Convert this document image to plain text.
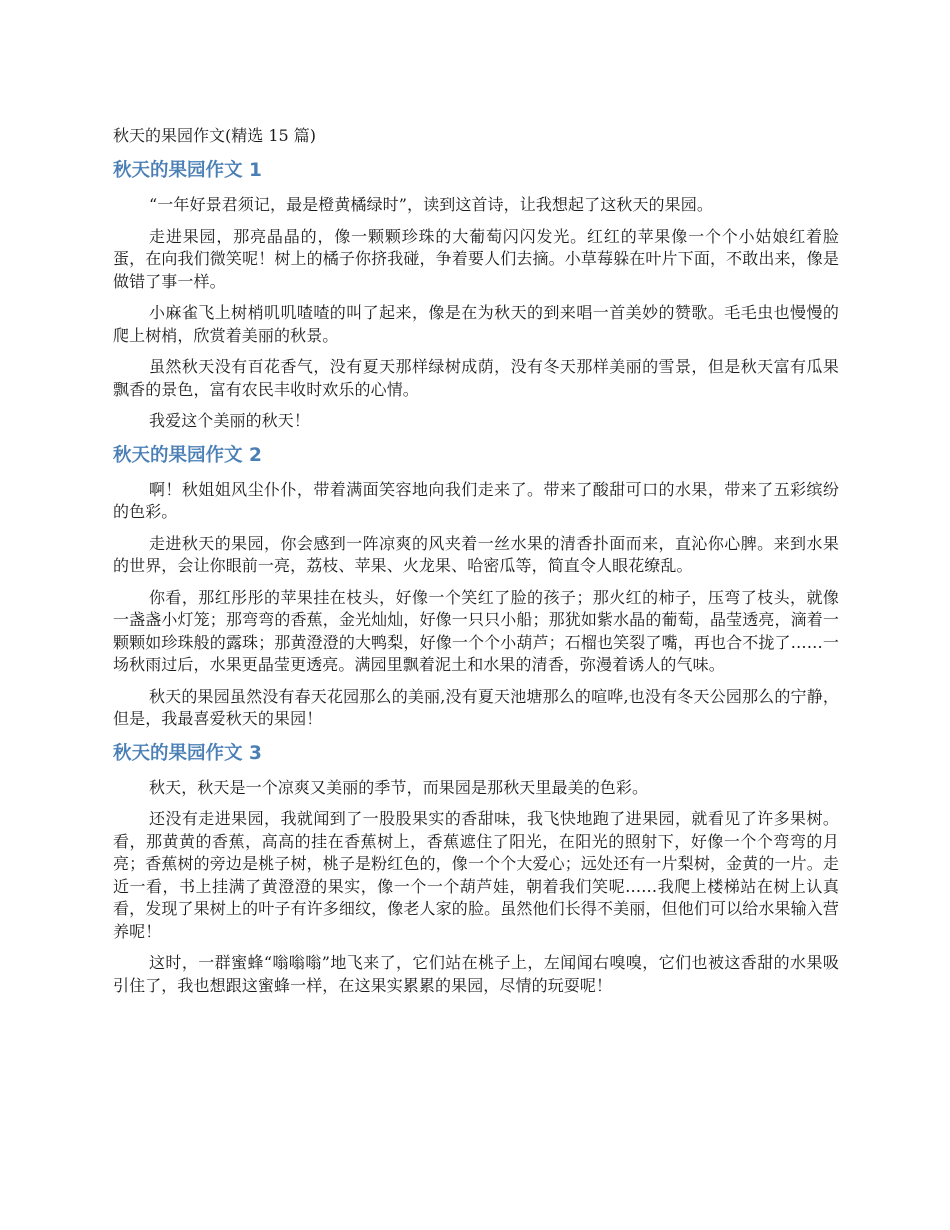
秋天的果园作文(精选 15 篇)
秋天的果园作文 1

“一年好景君须记，最是橙黄橘绿时”，读到这首诗，让我想起了这秋天的果园。

走进果园，那亮晶晶的，像一颗颗珍珠的大葡萄闪闪发光。红红的苹果像一个个小姑娘红着脸蛋，在向我们微笑呢！树上的橘子你挤我碰，争着要人们去摘。小草莓躲在叶片下面，不敢出来，像是做错了事一样。

小麻雀飞上树梢叽叽喳喳的叫了起来，像是在为秋天的到来唱一首美妙的赞歌。毛毛虫也慢慢的爬上树梢，欣赏着美丽的秋景。

虽然秋天没有百花香气，没有夏天那样绿树成荫，没有冬天那样美丽的雪景，但是秋天富有瓜果飘香的景色，富有农民丰收时欢乐的心情。

我爱这个美丽的秋天！

秋天的果园作文 2

啊！秋姐姐风尘仆仆，带着满面笑容地向我们走来了。带来了酸甜可口的水果，带来了五彩缤纷的色彩。

走进秋天的果园，你会感到一阵凉爽的风夹着一丝水果的清香扑面而来，直沁你心脾。来到水果的世界，会让你眼前一亮，荔枝、苹果、火龙果、哈密瓜等，简直令人眼花缭乱。

你看，那红彤彤的苹果挂在枝头，好像一个笑红了脸的孩子；那火红的柿子，压弯了枝头，就像一盏盏小灯笼；那弯弯的香蕉，金光灿灿，好像一只只小船；那犹如紫水晶的葡萄，晶莹透亮，滴着一颗颗如珍珠般的露珠；那黄澄澄的大鸭梨，好像一个个小葫芦；石榴也笑裂了嘴，再也合不拢了……一场秋雨过后，水果更晶莹更透亮。满园里飘着泥土和水果的清香，弥漫着诱人的气味。

秋天的果园虽然没有春天花园那么的美丽,没有夏天池塘那么的喧哗,也没有冬天公园那么的宁静，但是，我最喜爱秋天的果园！

秋天的果园作文 3

秋天，秋天是一个凉爽又美丽的季节，而果园是那秋天里最美的色彩。

还没有走进果园，我就闻到了一股股果实的香甜味，我飞快地跑了进果园，就看见了许多果树。看，那黄黄的香蕉，高高的挂在香蕉树上，香蕉遮住了阳光，在阳光的照射下，好像一个个弯弯的月亮；香蕉树的旁边是桃子树，桃子是粉红色的，像一个个大爱心；远处还有一片梨树，金黄的一片。走近一看，书上挂满了黄澄澄的果实，像一个一个葫芦娃，朝着我们笑呢……我爬上楼梯站在树上认真看，发现了果树上的叶子有许多细纹，像老人家的脸。虽然他们长得不美丽，但他们可以给水果输入营养呢！

这时，一群蜜蜂“嗡嗡嗡”地飞来了，它们站在桃子上，左闻闻右嗅嗅，它们也被这香甜的水果吸引住了，我也想跟这蜜蜂一样，在这果实累累的果园，尽情的玩耍呢！
